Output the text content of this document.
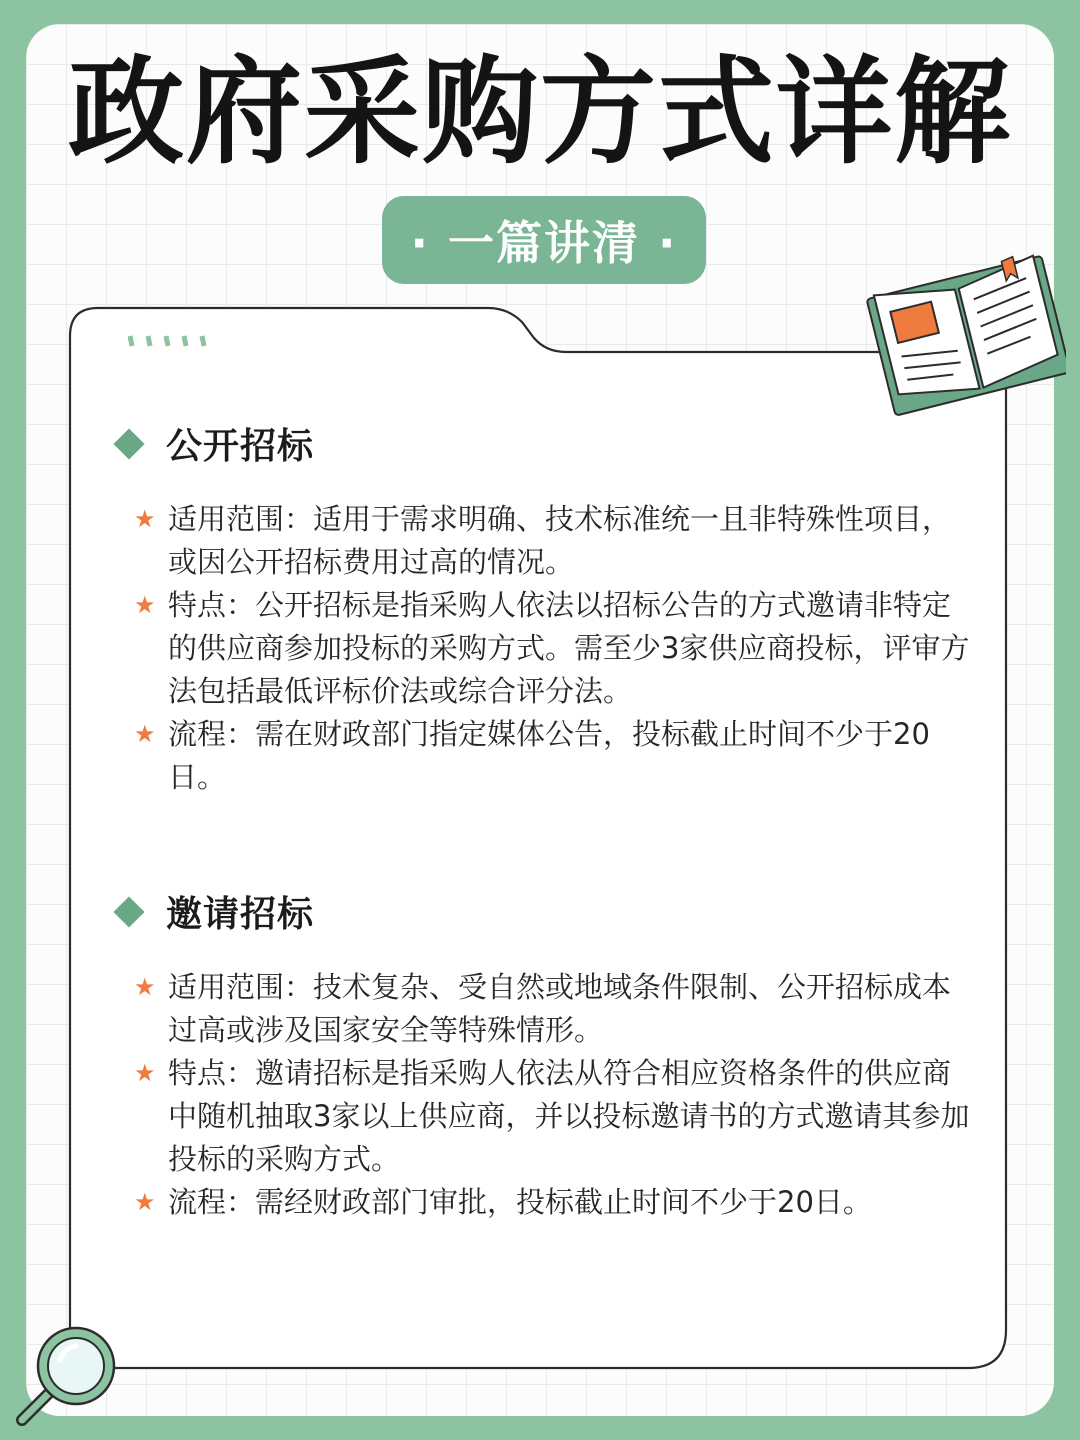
政府采购方式详解
· 一篇讲清 ·
公开招标
★ 适用范围：适用于需求明确、技术标准统一且非特殊性项目，或因公开招标费用过高的情况。
★ 特点：公开招标是指采购人依法以招标公告的方式邀请非特定的供应商参加投标的采购方式。需至少3家供应商投标，评审方法包括最低评标价法或综合评分法。
★ 流程：需在财政部门指定媒体公告，投标截止时间不少于20日。
邀请招标
★ 适用范围：技术复杂、受自然或地域条件限制、公开招标成本过高或涉及国家安全等特殊情形。
★ 特点：邀请招标是指采购人依法从符合相应资格条件的供应商中随机抽取3家以上供应商，并以投标邀请书的方式邀请其参加投标的采购方式。
★ 流程：需经财政部门审批，投标截止时间不少于20日。
